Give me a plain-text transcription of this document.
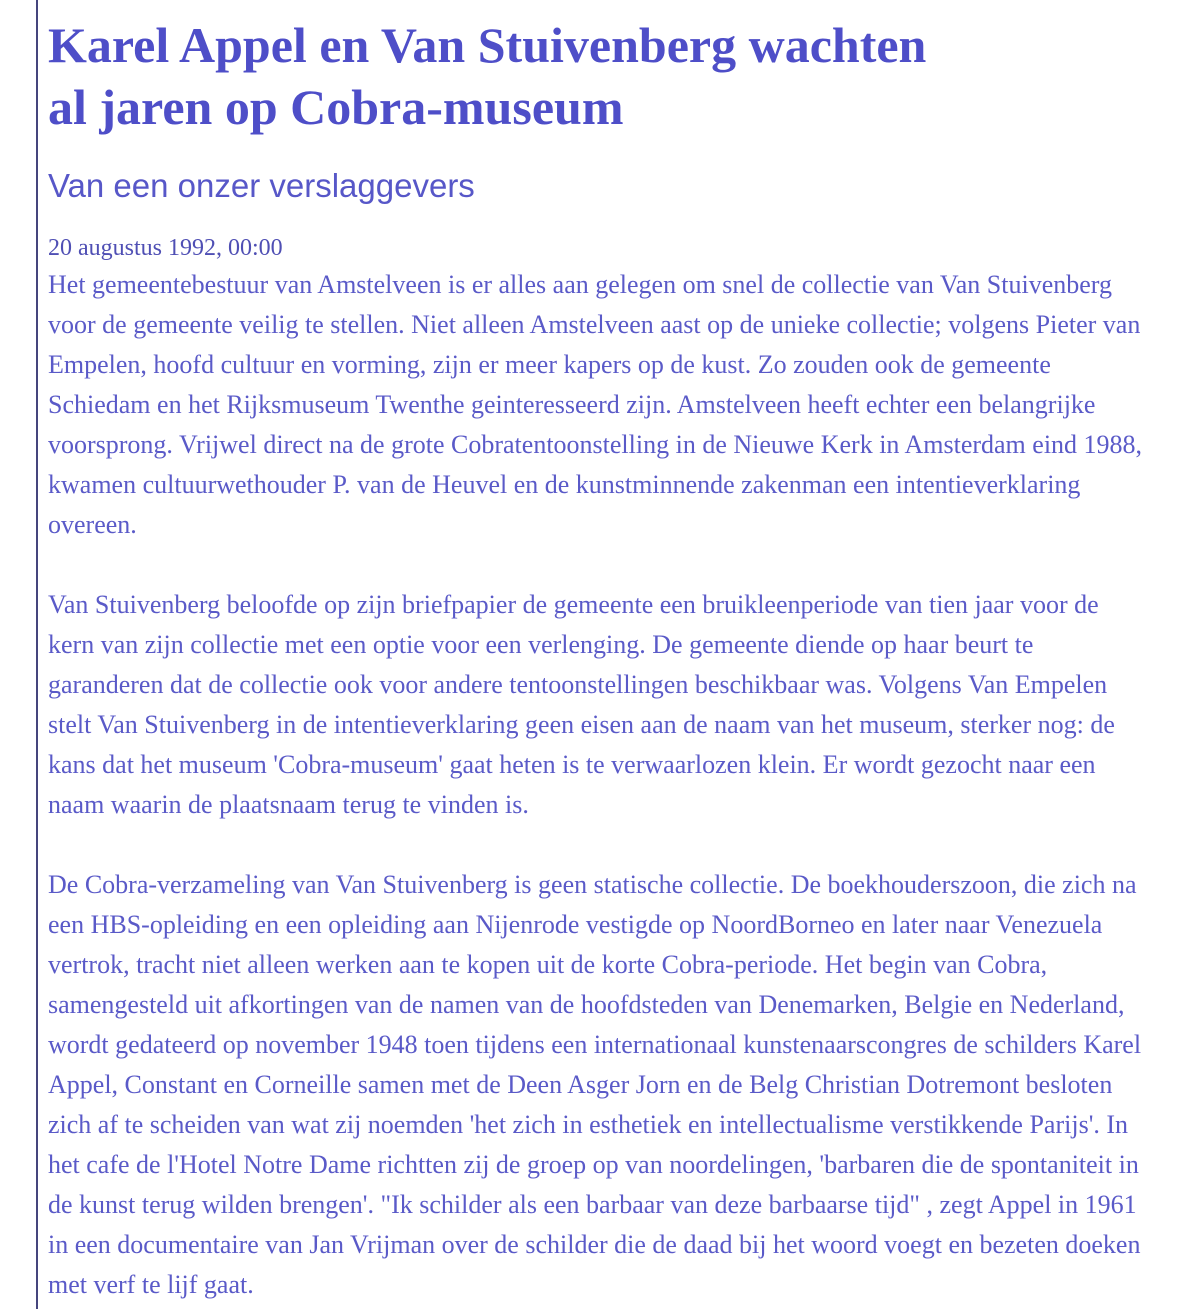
Karel Appel en Van Stuivenberg wachten
al jaren op Cobra-museum
Van een onzer verslaggevers
20 augustus 1992, 00:00

Het gemeentebestuur van Amstelveen is er alles aan gelegen om snel de collectie van Van Stuivenberg voor de gemeente veilig te stellen. Niet alleen Amstelveen aast op de unieke collectie; volgens Pieter van Empelen, hoofd cultuur en vorming, zijn er meer kapers op de kust. Zo zouden ook de gemeente Schiedam en het Rijksmuseum Twenthe geinteresseerd zijn. Amstelveen heeft echter een belangrijke voorsprong. Vrijwel direct na de grote Cobratentoonstelling in de Nieuwe Kerk in Amsterdam eind 1988, kwamen cultuurwethouder P. van de Heuvel en de kunstminnende zakenman een intentieverklaring overeen.

Van Stuivenberg beloofde op zijn briefpapier de gemeente een bruikleenperiode van tien jaar voor de kern van zijn collectie met een optie voor een verlenging. De gemeente diende op haar beurt te garanderen dat de collectie ook voor andere tentoonstellingen beschikbaar was. Volgens Van Empelen stelt Van Stuivenberg in de intentieverklaring geen eisen aan de naam van het museum, sterker nog: de kans dat het museum 'Cobra-museum' gaat heten is te verwaarlozen klein. Er wordt gezocht naar een naam waarin de plaatsnaam terug te vinden is.

De Cobra-verzameling van Van Stuivenberg is geen statische collectie. De boekhouderszoon, die zich na een HBS-opleiding en een opleiding aan Nijenrode vestigde op NoordBorneo en later naar Venezuela vertrok, tracht niet alleen werken aan te kopen uit de korte Cobra-periode. Het begin van Cobra, samengesteld uit afkortingen van de namen van de hoofdsteden van Denemarken, Belgie en Nederland, wordt gedateerd op november 1948 toen tijdens een internationaal kunstenaarscongres de schilders Karel Appel, Constant en Corneille samen met de Deen Asger Jorn en de Belg Christian Dotremont besloten zich af te scheiden van wat zij noemden 'het zich in esthetiek en intellectualisme verstikkende Parijs'. In het cafe de l'Hotel Notre Dame richtten zij de groep op van noordelingen, 'barbaren die de spontaniteit in de kunst terug wilden brengen'. "Ik schilder als een barbaar van deze barbaarse tijd" , zegt Appel in 1961 in een documentaire van Jan Vrijman over de schilder die de daad bij het woord voegt en bezeten doeken met verf te lijf gaat.
